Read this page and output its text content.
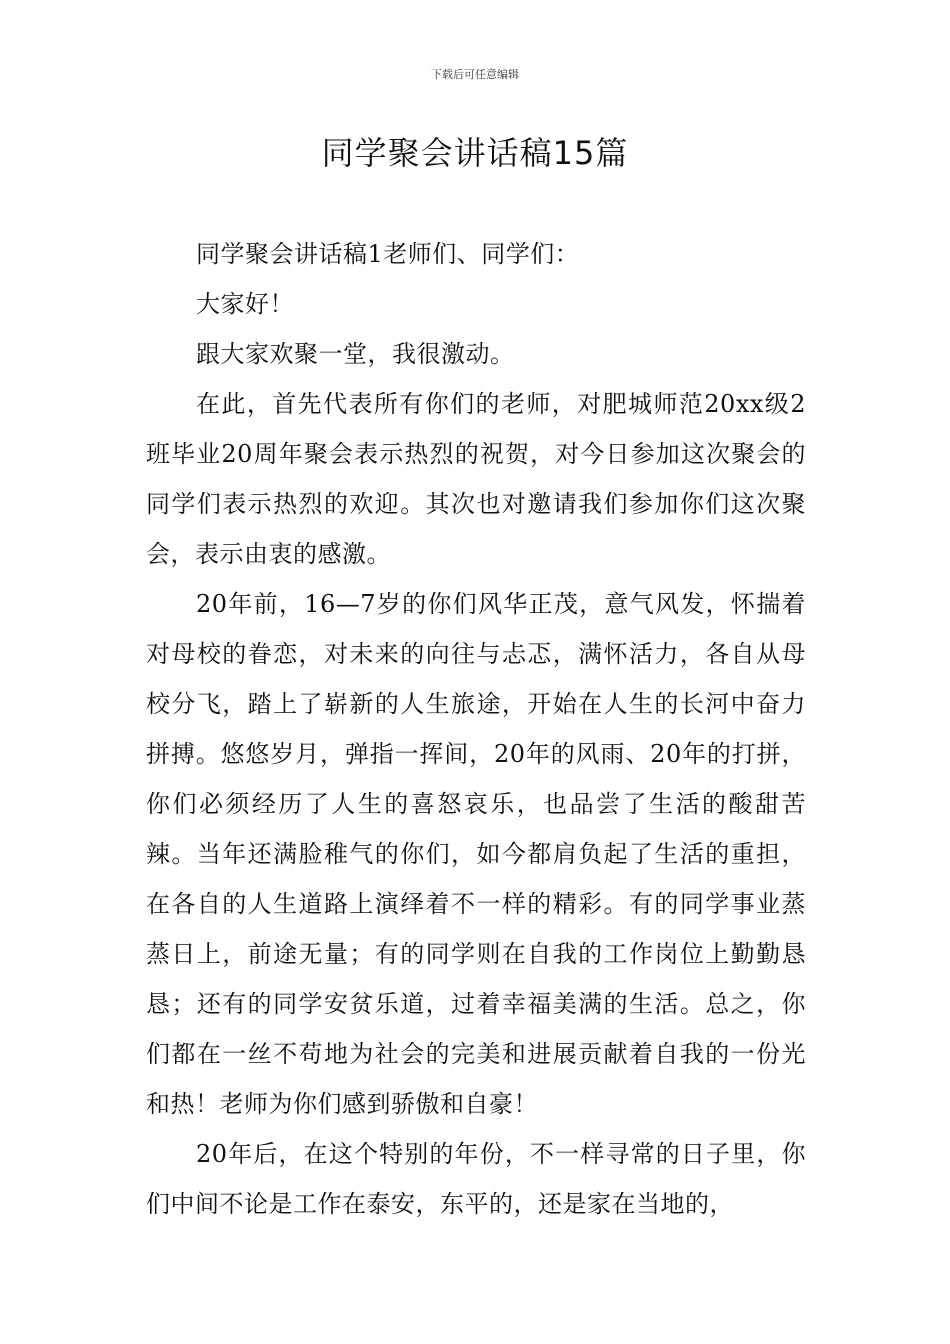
下载后可任意编辑
同学聚会讲话稿15篇

同学聚会讲话稿1老师们、同学们：

大家好！

跟大家欢聚一堂，我很激动。

在此，首先代表所有你们的老师，对肥城师范20xx级2班毕业20周年聚会表示热烈的祝贺，对今日参加这次聚会的同学们表示热烈的欢迎。其次也对邀请我们参加你们这次聚会，表示由衷的感激。

20年前，16—7岁的你们风华正茂，意气风发，怀揣着对母校的眷恋，对未来的向往与忐忑，满怀活力，各自从母校分飞，踏上了崭新的人生旅途，开始在人生的长河中奋力拼搏。悠悠岁月，弹指一挥间，20年的风雨、20年的打拼，你们必须经历了人生的喜怒哀乐，也品尝了生活的酸甜苦辣。当年还满脸稚气的你们，如今都肩负起了生活的重担，在各自的人生道路上演绎着不一样的精彩。有的同学事业蒸蒸日上，前途无量；有的同学则在自我的工作岗位上勤勤恳恳；还有的同学安贫乐道，过着幸福美满的生活。总之，你们都在一丝不苟地为社会的完美和进展贡献着自我的一份光和热！老师为你们感到骄傲和自豪！

20年后，在这个特别的年份，不一样寻常的日子里，你们中间不论是工作在泰安，东平的，还是家在当地的，
